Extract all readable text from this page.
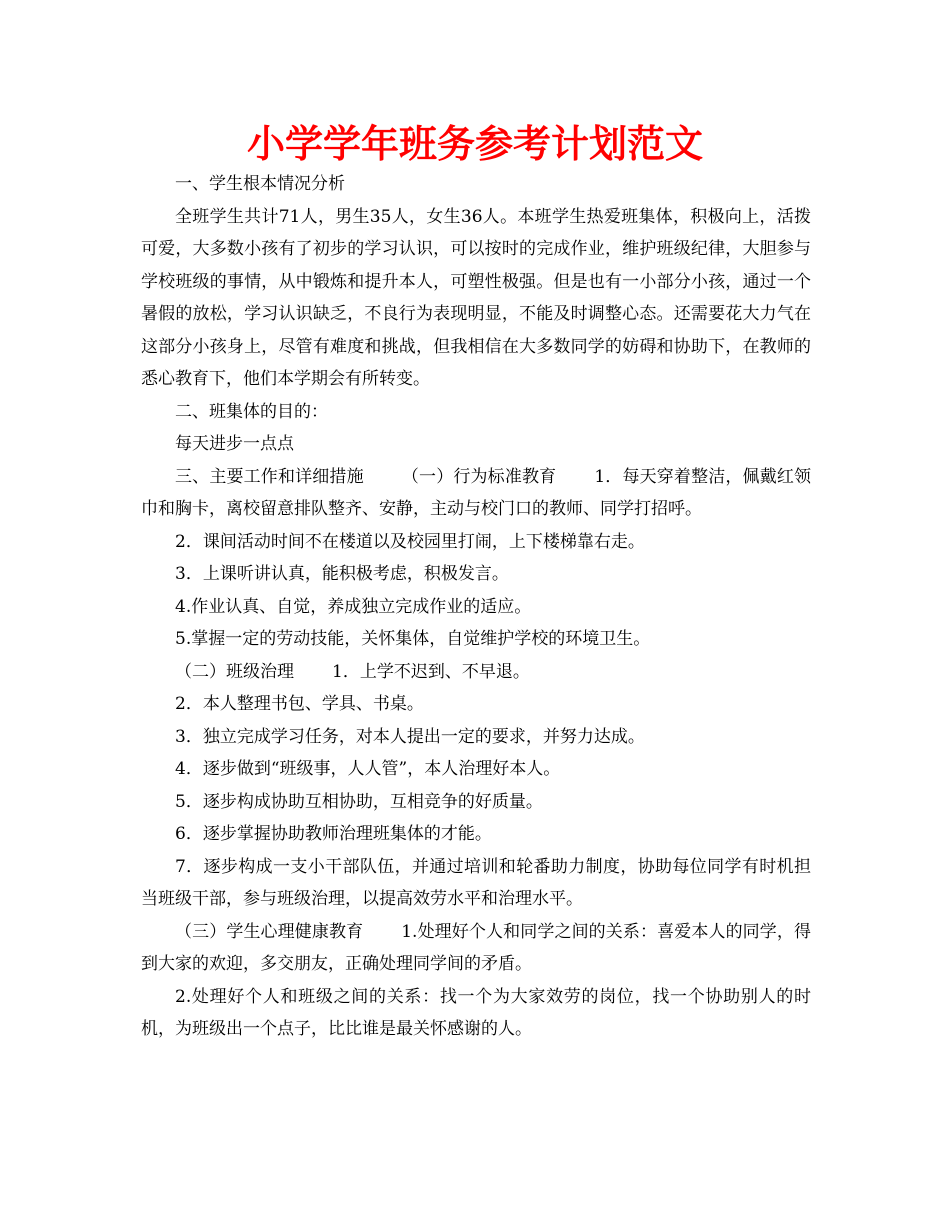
小学学年班务参考计划范文

一、学生根本情况分析

全班学生共计71人，男生35人，女生36人。本班学生热爱班集体，积极向上，活拨可爱，大多数小孩有了初步的学习认识，可以按时的完成作业，维护班级纪律，大胆参与学校班级的事情，从中锻炼和提升本人，可塑性极强。但是也有一小部分小孩，通过一个暑假的放松，学习认识缺乏，不良行为表现明显，不能及时调整心态。还需要花大力气在这部分小孩身上，尽管有难度和挑战，但我相信在大多数同学的妨碍和协助下，在教师的悉心教育下，他们本学期会有所转变。

二、班集体的目的：

每天进步一点点

三、主要工作和详细措施 （一）行为标准教育 1．每天穿着整洁，佩戴红领巾和胸卡，离校留意排队整齐、安静，主动与校门口的教师、同学打招呼。

2．课间活动时间不在楼道以及校园里打闹，上下楼梯靠右走。

3．上课听讲认真，能积极考虑，积极发言。

4.作业认真、自觉，养成独立完成作业的适应。

5.掌握一定的劳动技能，关怀集体，自觉维护学校的环境卫生。

（二）班级治理 1．上学不迟到、不早退。

2．本人整理书包、学具、书桌。

3．独立完成学习任务，对本人提出一定的要求，并努力达成。

4．逐步做到“班级事，人人管”，本人治理好本人。

5．逐步构成协助互相协助，互相竞争的好质量。

6．逐步掌握协助教师治理班集体的才能。

7．逐步构成一支小干部队伍，并通过培训和轮番助力制度，协助每位同学有时机担当班级干部，参与班级治理，以提高效劳水平和治理水平。

（三）学生心理健康教育 1.处理好个人和同学之间的关系：喜爱本人的同学，得到大家的欢迎，多交朋友，正确处理同学间的矛盾。

2.处理好个人和班级之间的关系：找一个为大家效劳的岗位，找一个协助别人的时机，为班级出一个点子，比比谁是最关怀感谢的人。
